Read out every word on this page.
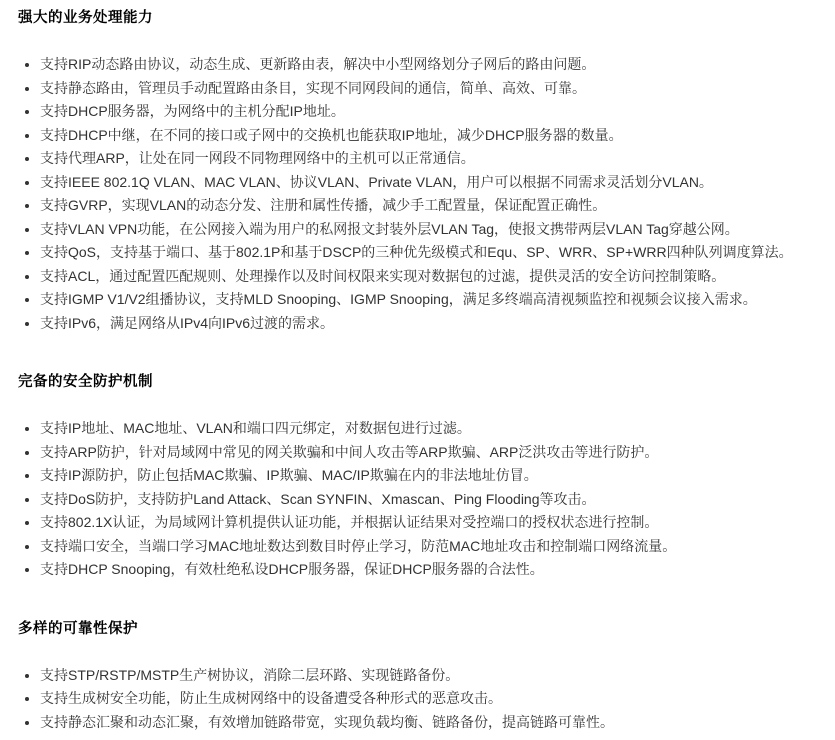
强大的业务处理能力
支持RIP动态路由协议，动态生成、更新路由表，解决中小型网络划分子网后的路由问题。
支持静态路由，管理员手动配置路由条目，实现不同网段间的通信，简单、高效、可靠。
支持DHCP服务器，为网络中的主机分配IP地址。
支持DHCP中继，在不同的接口或子网中的交换机也能获取IP地址，减少DHCP服务器的数量。
支持代理ARP，让处在同一网段不同物理网络中的主机可以正常通信。
支持IEEE 802.1Q VLAN、MAC VLAN、协议VLAN、Private VLAN，用户可以根据不同需求灵活划分VLAN。
支持GVRP，实现VLAN的动态分发、注册和属性传播，减少手工配置量，保证配置正确性。
支持VLAN VPN功能，在公网接入端为用户的私网报文封装外层VLAN Tag，使报文携带两层VLAN Tag穿越公网。
支持QoS，支持基于端口、基于802.1P和基于DSCP的三种优先级模式和Equ、SP、WRR、SP+WRR四种队列调度算法。
支持ACL，通过配置匹配规则、处理操作以及时间权限来实现对数据包的过滤，提供灵活的安全访问控制策略。
支持IGMP V1/V2组播协议，支持MLD Snooping、IGMP Snooping，满足多终端高清视频监控和视频会议接入需求。
支持IPv6，满足网络从IPv4向IPv6过渡的需求。
完备的安全防护机制
支持IP地址、MAC地址、VLAN和端口四元绑定，对数据包进行过滤。
支持ARP防护，针对局域网中常见的网关欺骗和中间人攻击等ARP欺骗、ARP泛洪攻击等进行防护。
支持IP源防护，防止包括MAC欺骗、IP欺骗、MAC/IP欺骗在内的非法地址仿冒。
支持DoS防护，支持防护Land Attack、Scan SYNFIN、Xmascan、Ping Flooding等攻击。
支持802.1X认证，为局域网计算机提供认证功能，并根据认证结果对受控端口的授权状态进行控制。
支持端口安全，当端口学习MAC地址数达到数目时停止学习，防范MAC地址攻击和控制端口网络流量。
支持DHCP Snooping，有效杜绝私设DHCP服务器，保证DHCP服务器的合法性。
多样的可靠性保护
支持STP/RSTP/MSTP生产树协议，消除二层环路、实现链路备份。
支持生成树安全功能，防止生成树网络中的设备遭受各种形式的恶意攻击。
支持静态汇聚和动态汇聚，有效增加链路带宽，实现负载均衡、链路备份，提高链路可靠性。
